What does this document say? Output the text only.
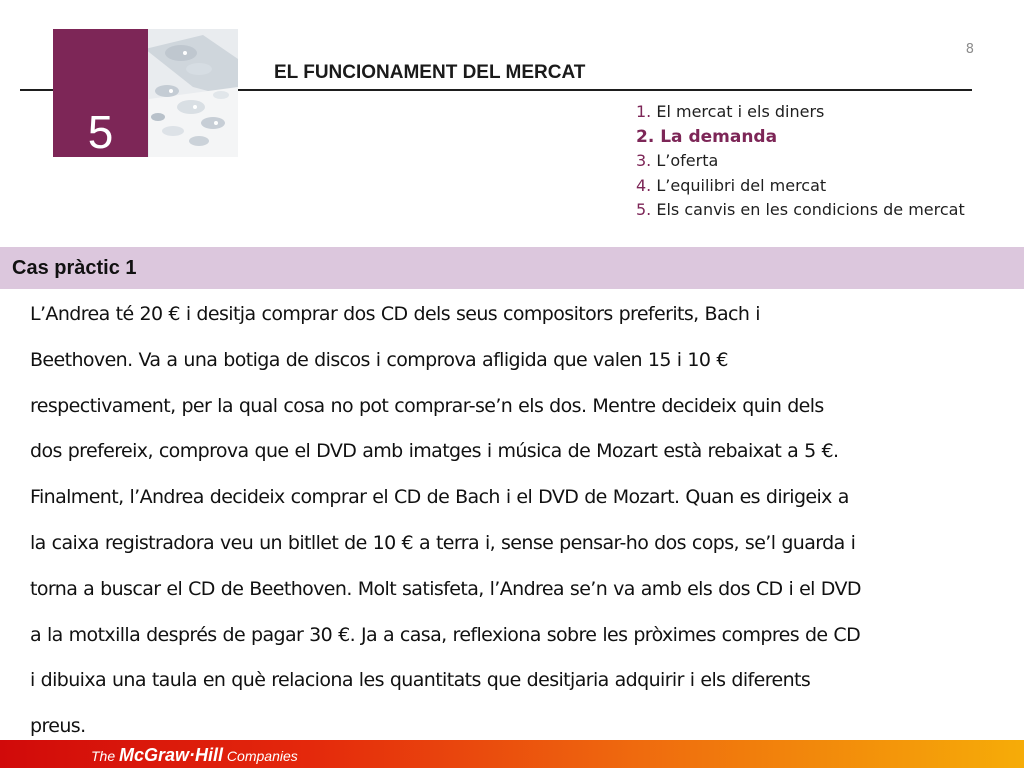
8
5
EL FUNCIONAMENT DEL MERCAT
1. El mercat i els diners
2. La demanda
3. L’oferta
4. L’equilibri del mercat
5. Els canvis en les condicions de mercat
Cas pràctic 1

L’Andrea té 20 € i desitja comprar dos CD dels seus compositors preferits, Bach i
Beethoven. Va a una botiga de discos i comprova afligida que valen 15 i 10 €
respectivament, per la qual cosa no pot comprar-se’n els dos. Mentre decideix quin dels
dos prefereix, comprova que el DVD amb imatges i música de Mozart està rebaixat a 5 €.
Finalment, l’Andrea decideix comprar el CD de Bach i el DVD de Mozart. Quan es dirigeix a
la caixa registradora veu un bitllet de 10 € a terra i, sense pensar-ho dos cops, se’l guarda i
torna a buscar el CD de Beethoven. Molt satisfeta, l’Andrea se’n va amb els dos CD i el DVD
a la motxilla després de pagar 30 €. Ja a casa, reflexiona sobre les pròximes compres de CD
i dibuixa una taula en què relaciona les quantitats que desitjaria adquirir i els diferents
preus.

The McGraw·Hill Companies
